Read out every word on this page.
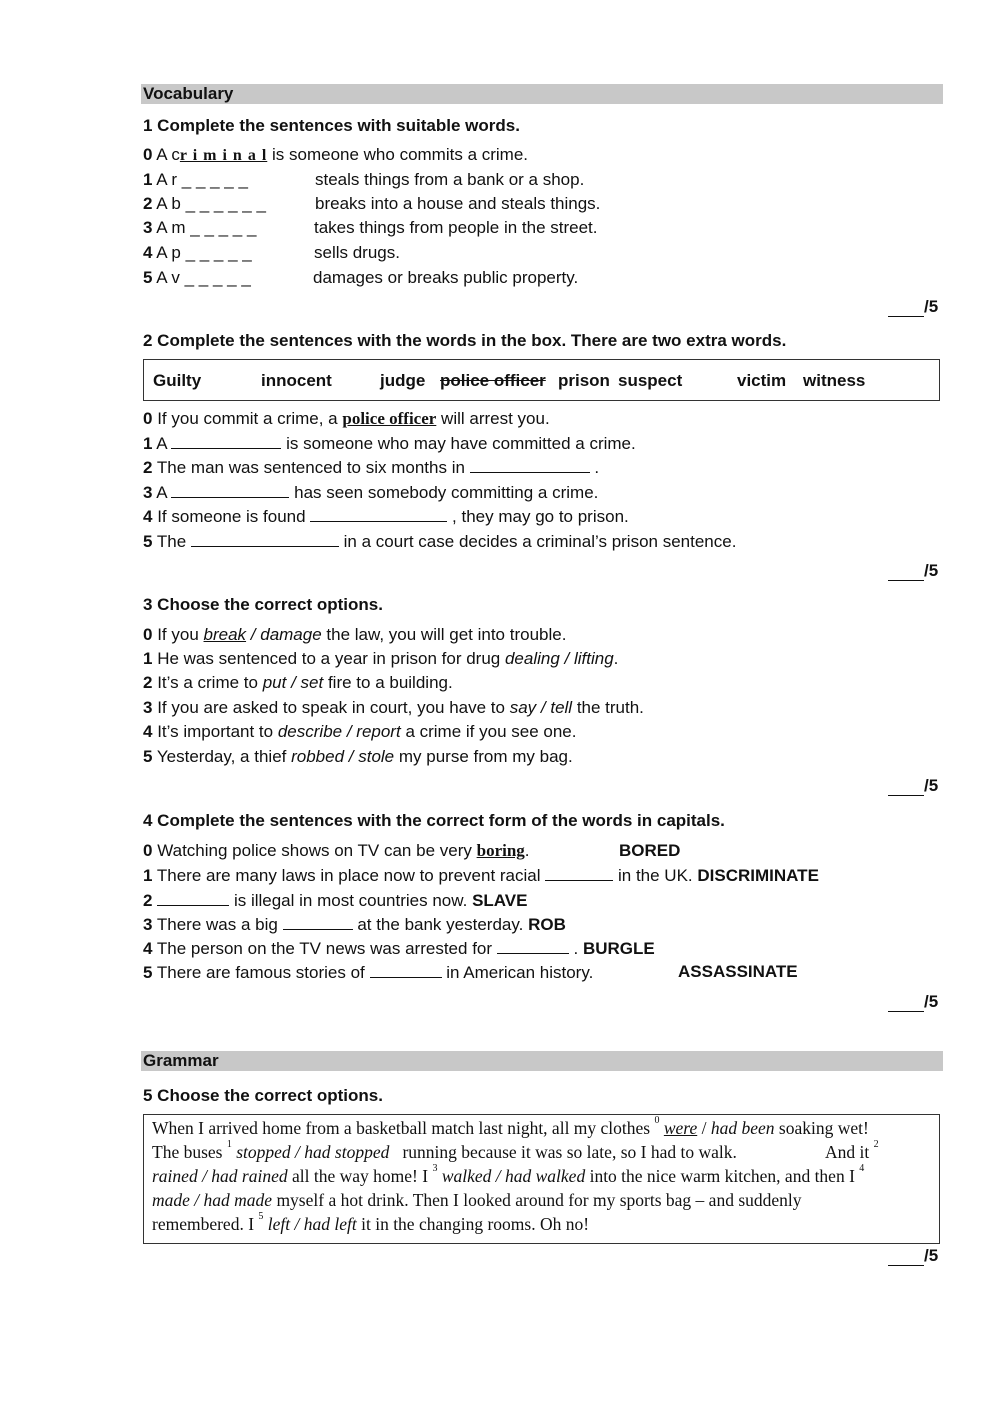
Vocabulary
1 Complete the sentences with suitable words.
0 A cr i m i n a l is someone who commits a crime.
1 A r _ _ _ _ _	steals things from a bank or a shop.
2 A b _ _ _ _ _ _	breaks into a house and steals things.
3 A m _ _ _ _ _	takes things from people in the street.
4 A p _ _ _ _ _	sells drugs.
5 A v _ _ _ _ _	damages or breaks public property.
/5
2 Complete the sentences with the words in the box. There are two extra words.
Guilty	innocent	judge police officer prison suspect	victim witness
0 If you commit a crime, a police officer will arrest you.
1 A	is someone who may have committed a crime.
2 The man was sentenced to six months in	.
3 A	has seen somebody committing a crime.
4 If someone is found	, they may go to prison.
5 The	in a court case decides a criminal’s prison sentence.
/5
3 Choose the correct options.
0 If you break / damage the law, you will get into trouble.
1 He was sentenced to a year in prison for drug dealing / lifting.
2 It’s a crime to put / set fire to a building.
3 If you are asked to speak in court, you have to say / tell the truth.
4 It’s important to describe / report a crime if you see one.
5 Yesterday, a thief robbed / stole my purse from my bag.
/5
4 Complete the sentences with the correct form of the words in capitals.
0 Watching police shows on TV can be very boring.	BORED
1 There are many laws in place now to prevent racial	in the UK. DISCRIMINATE
2	is illegal in most countries now. SLAVE
3 There was a big	at the bank yesterday. ROB
4 The person on the TV news was arrested for	. BURGLE
5 There are famous stories of	in American history.	ASSASSINATE
/5
Grammar
5 Choose the correct options.
When I arrived home from a basketball match last night, all my clothes $^0$ were / had been soaking wet!
The buses $^1$ stopped / had stopped running because it was so late, so I had to walk.	And it $^2$
rained / had rained all the way home! I $^3$ walked / had walked into the nice warm kitchen, and then I $^4$
made / had made myself a hot drink. Then I looked around for my sports bag – and suddenly
remembered. I $^5$ left / had left it in the changing rooms. Oh no!
/5
